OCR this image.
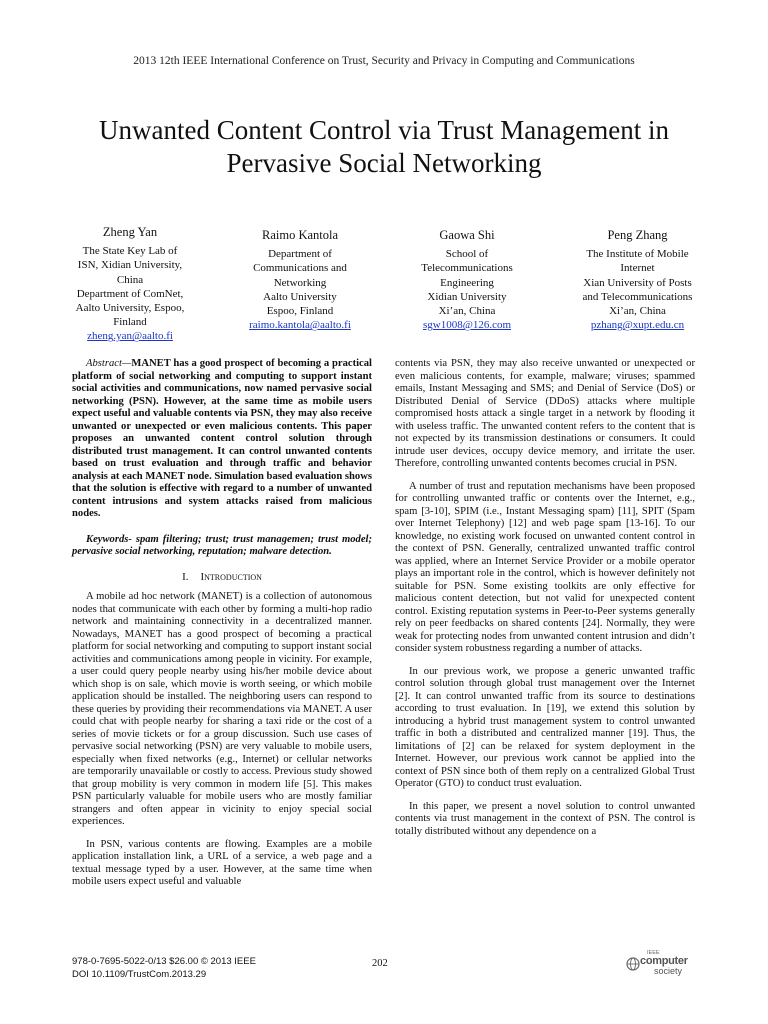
2013 12th IEEE International Conference on Trust, Security and Privacy in Computing and Communications
Unwanted Content Control via Trust Management in
Pervasive Social Networking
Zheng Yan
The State Key Lab of
ISN, Xidian University,
China
Department of ComNet,
Aalto University, Espoo,
Finland
zheng.yan@aalto.fi
Raimo Kantola
Department of
Communications and
Networking
Aalto University
Espoo, Finland
raimo.kantola@aalto.fi
Gaowa Shi
School of
Telecommunications
Engineering
Xidian University
Xi’an, China
sgw1008@126.com
Peng Zhang
The Institute of Mobile
Internet
Xian University of Posts
and Telecommunications
Xi’an, China
pzhang@xupt.edu.cn
Abstract—MANET has a good prospect of becoming a practical platform of social networking and computing to support instant social activities and communications, now named pervasive social networking (PSN). However, at the same time as mobile users expect useful and valuable contents via PSN, they may also receive unwanted or unexpected or even malicious contents. This paper proposes an unwanted content control solution through distributed trust management. It can control unwanted contents based on trust evaluation and through traffic and behavior analysis at each MANET node. Simulation based evaluation shows that the solution is effective with regard to a number of unwanted content intrusions and system attacks raised from malicious nodes.
Keywords- spam filtering; trust; trust managemen; trust model; pervasive social networking, reputation; malware detection.
I. Introduction

A mobile ad hoc network (MANET) is a collection of autonomous nodes that communicate with each other by forming a multi-hop radio network and maintaining connectivity in a decentralized manner. Nowadays, MANET has a good prospect of becoming a practical platform for social networking and computing to support instant social activities and communications among people in vicinity. For example, a user could query people nearby using his/her mobile device about which shop is on sale, which movie is worth seeing, or which mobile application should be installed. The neighboring users can respond to these queries by providing their recommendations via MANET. A user could chat with people nearby for sharing a taxi ride or the cost of a series of movie tickets or for a group discussion. Such use cases of pervasive social networking (PSN) are very valuable to mobile users, especially when fixed networks (e.g., Internet) or cellular networks are temporarily unavailable or costly to access. Previous study showed that group mobility is very common in modern life [5]. This makes PSN particularly valuable for mobile users who are mostly familiar strangers and often appear in vicinity to enjoy special social experiences.

In PSN, various contents are flowing. Examples are a mobile application installation link, a URL of a service, a web page and a textual message typed by a user. However, at the same time when mobile users expect useful and valuable

contents via PSN, they may also receive unwanted or unexpected or even malicious contents, for example, malware; viruses; spammed emails, Instant Messaging and SMS; and Denial of Service (DoS) or Distributed Denial of Service (DDoS) attacks where multiple compromised hosts attack a single target in a network by flooding it with useless traffic. The unwanted content refers to the content that is not expected by its transmission destinations or consumers. It could intrude user devices, occupy device memory, and irritate the user. Therefore, controlling unwanted contents becomes crucial in PSN.

A number of trust and reputation mechanisms have been proposed for controlling unwanted traffic or contents over the Internet, e.g., spam [3-10], SPIM (i.e., Instant Messaging spam) [11], SPIT (Spam over Internet Telephony) [12] and web page spam [13-16]. To our knowledge, no existing work focused on unwanted content control in the context of PSN. Generally, centralized unwanted traffic control was applied, where an Internet Service Provider or a mobile operator plays an important role in the control, which is however definitely not suitable for PSN. Some existing toolkits are only effective for malicious content detection, but not valid for unexpected content control. Existing reputation systems in Peer-to-Peer systems generally rely on peer feedbacks on shared contents [24]. Normally, they were weak for protecting nodes from unwanted content intrusion and didn’t consider system robustness regarding a number of attacks.

In our previous work, we propose a generic unwanted traffic control solution through global trust management over the Internet [2]. It can control unwanted traffic from its source to destinations according to trust evaluation. In [19], we extend this solution by introducing a hybrid trust management system to control unwanted traffic in both a distributed and centralized manner [19]. Thus, the limitations of [2] can be relaxed for system deployment in the Internet. However, our previous work cannot be applied into the context of PSN since both of them reply on a centralized Global Trust Operator (GTO) to conduct trust evaluation.

In this paper, we present a novel solution to control unwanted contents via trust management in the context of PSN. The control is totally distributed without any dependence on a

978-0-7695-5022-0/13 $26.00 © 2013 IEEE
DOI 10.1109/TrustCom.2013.29
202
IEEE
computer
society
